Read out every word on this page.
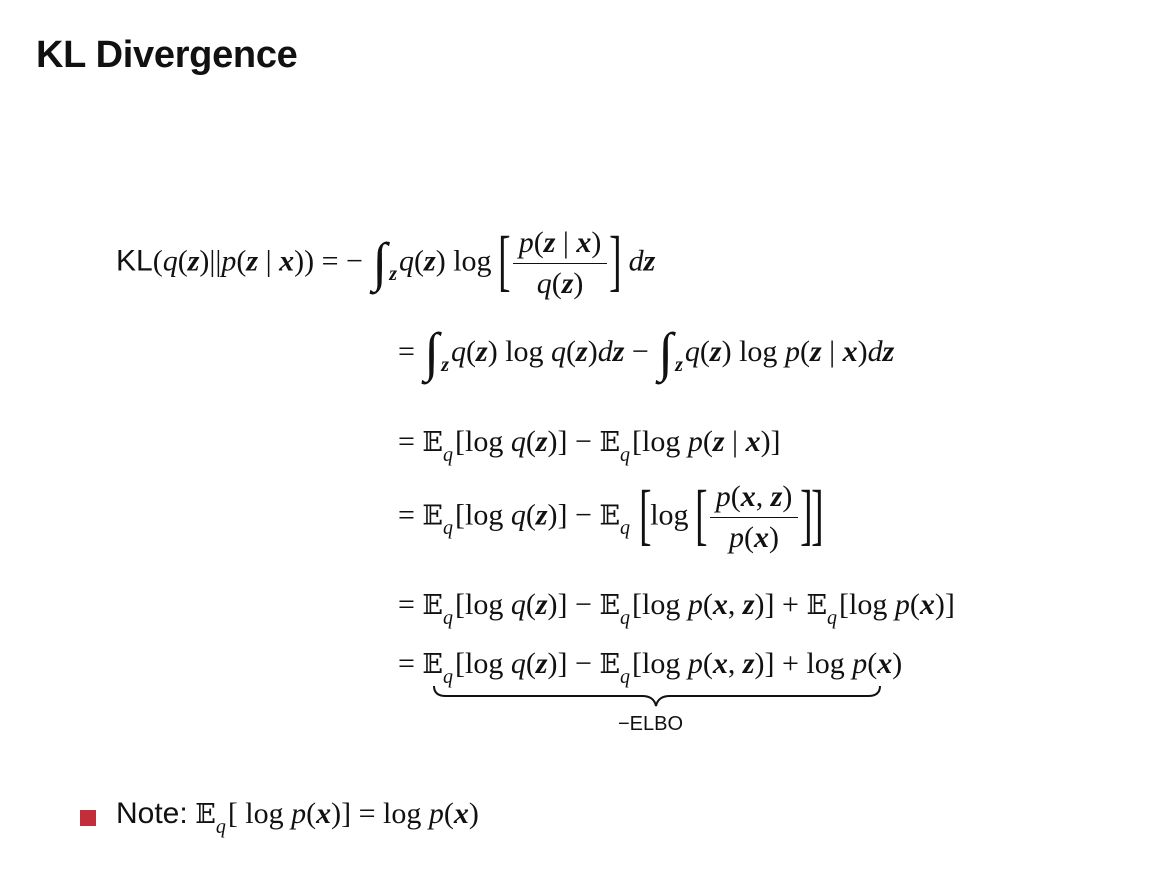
KL Divergence
KL(q(z)||p(z | x)) = − ∫ $_z$q(z) log [ $\frac{p(z | x)}{q(z)}$ ] dz
= ∫ $_z$q(z) log q(z)dz − ∫ $_z$q(z) log p(z | x)dz
= 𝔼$_q$[log q(z)] − 𝔼$_q$[log p(z | x)]
= 𝔼$_q$[log q(z)] − 𝔼$_q$ [log [ $\frac{p(x, z)}{p(x)}$ ]]
= 𝔼$_q$[log q(z)] − 𝔼$_q$[log p(x, z)] + 𝔼$_q$[log p(x)]
= 𝔼$_q$[log q(z)] − 𝔼$_q$[log p(x, z)] + log p(x)
−ELBO
Note: 𝔼$_q$[ log p(x)] = log p(x)
